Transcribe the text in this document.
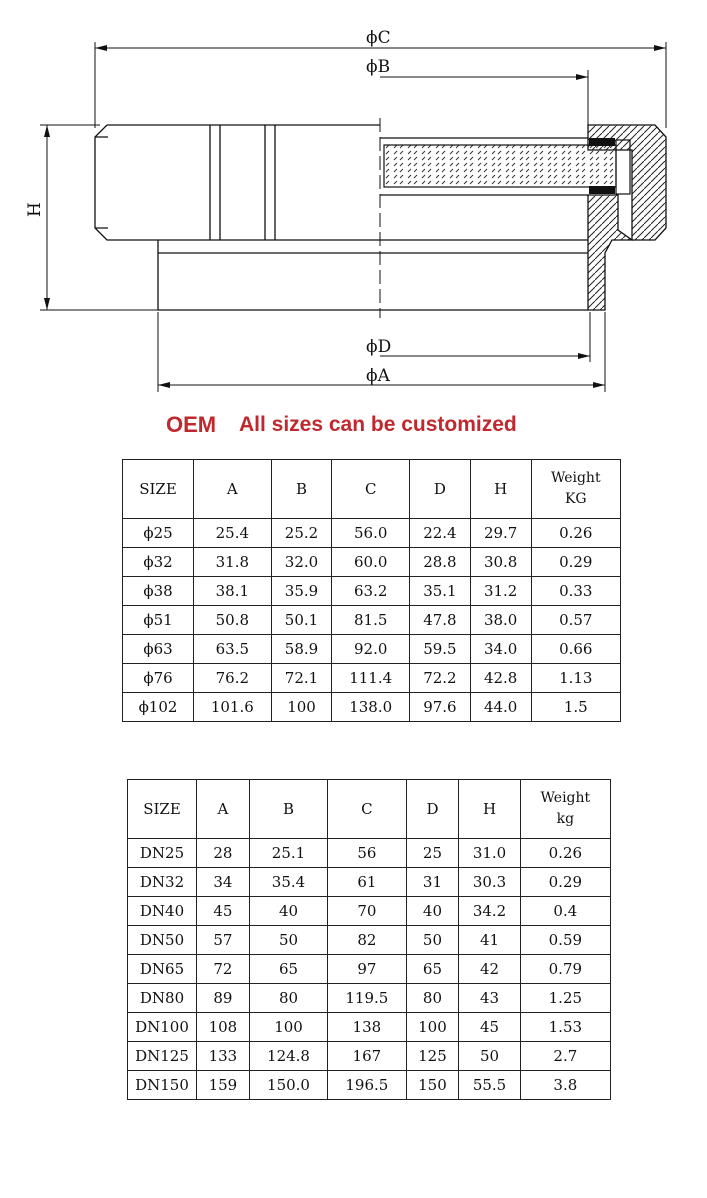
ϕC
ϕB
H
ϕD
ϕA
OEM All sizes can be customized
SIZE	A	B	C	D	H	Weight
KG

ϕ25	25.4	25.2	56.0	22.4	29.7	0.26
ϕ32	31.8	32.0	60.0	28.8	30.8	0.29
ϕ38	38.1	35.9	63.2	35.1	31.2	0.33
ϕ51	50.8	50.1	81.5	47.8	38.0	0.57
ϕ63	63.5	58.9	92.0	59.5	34.0	0.66
ϕ76	76.2	72.1	111.4	72.2	42.8	1.13
ϕ102	101.6	100	138.0	97.6	44.0	1.5
SIZE	A	B	C	D	H	Weight
kg

DN25	28	25.1	56	25	31.0	0.26
DN32	34	35.4	61	31	30.3	0.29
DN40	45	40	70	40	34.2	0.4
DN50	57	50	82	50	41	0.59
DN65	72	65	97	65	42	0.79
DN80	89	80	119.5	80	43	1.25
DN100	108	100	138	100	45	1.53
DN125	133	124.8	167	125	50	2.7
DN150	159	150.0	196.5	150	55.5	3.8
